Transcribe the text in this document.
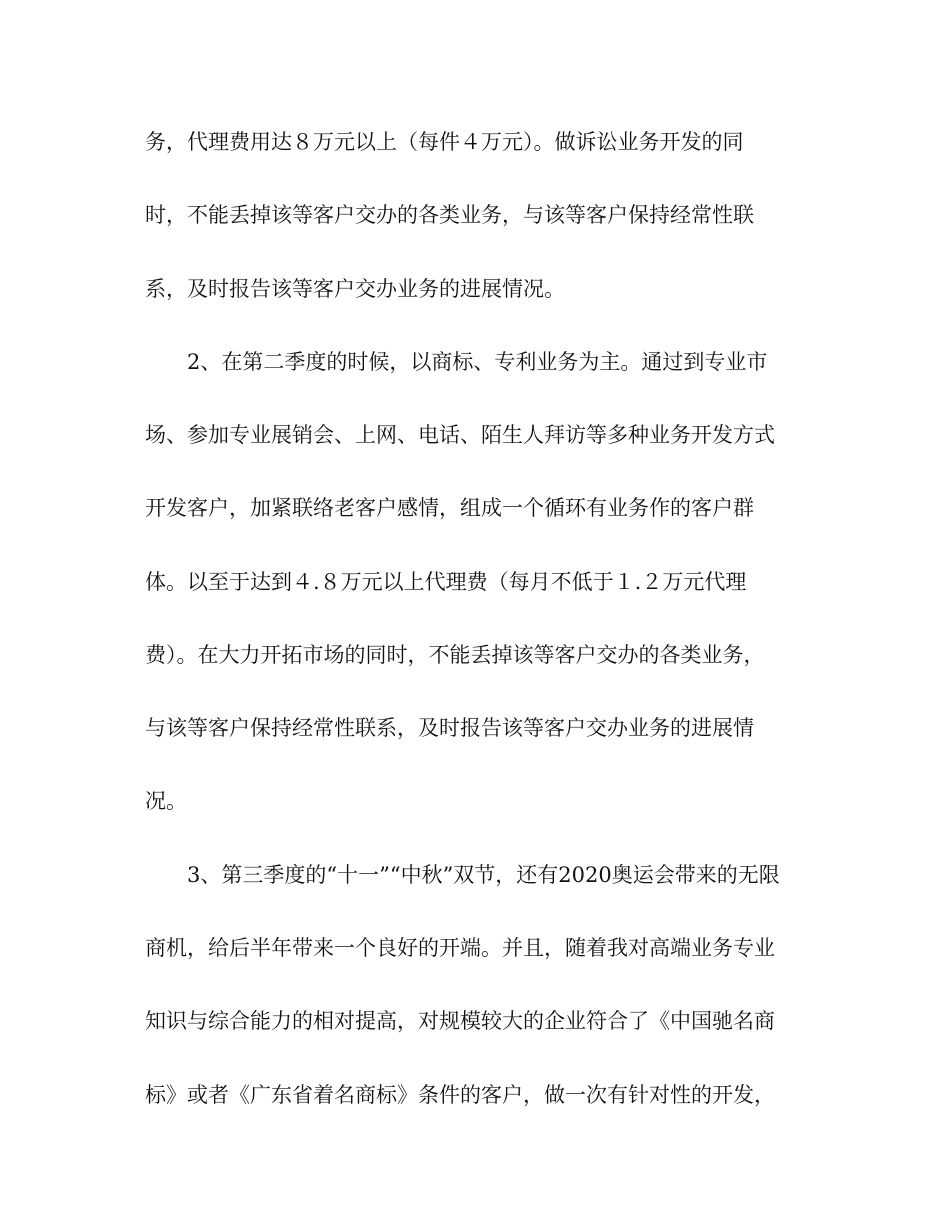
务，代理费用达８万元以上（每件４万元）。做诉讼业务开发的同
时，不能丢掉该等客户交办的各类业务，与该等客户保持经常性联
系，及时报告该等客户交办业务的进展情况。
2、在第二季度的时候，以商标、专利业务为主。通过到专业市
场、参加专业展销会、上网、电话、陌生人拜访等多种业务开发方式
开发客户，加紧联络老客户感情，组成一个循环有业务作的客户群
体。以至于达到４.８万元以上代理费（每月不低于１.２万元代理
费）。在大力开拓市场的同时，不能丢掉该等客户交办的各类业务，
与该等客户保持经常性联系，及时报告该等客户交办业务的进展情
况。
3、第三季度的“十一”“中秋”双节，还有2020奥运会带来的无限
商机，给后半年带来一个良好的开端。并且，随着我对高端业务专业
知识与综合能力的相对提高，对规模较大的企业符合了《中国驰名商
标》或者《广东省着名商标》条件的客户，做一次有针对性的开发，
